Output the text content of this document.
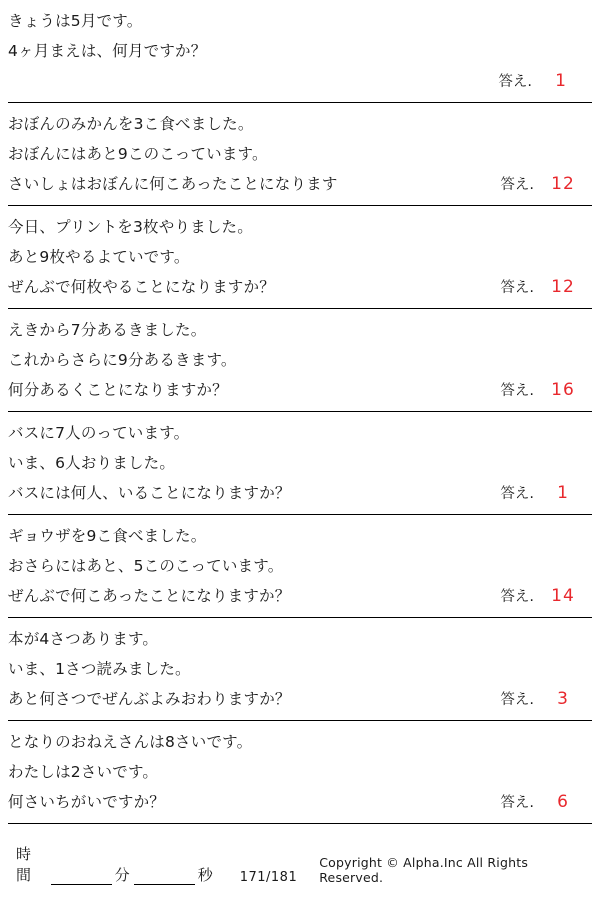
きょうは5月です。
4ヶ月まえは、何月ですか？
答え.	1
おぼんのみかんを3こ食べました。
おぼんにはあと9このこっています。
さいしょはおぼんに何こあったことになります	答え.	12
今日、プリントを3枚やりました。
あと9枚やるよていです。
ぜんぶで何枚やることになりますか？	答え.	12
えきから7分あるきました。
これからさらに9分あるきます。
何分あるくことになりますか？	答え.	16
バスに7人のっています。
いま、6人おりました。
バスには何人、いることになりますか？	答え.	1
ギョウザを9こ食べました。
おさらにはあと、5このこっています。
ぜんぶで何こあったことになりますか？	答え.	14
本が4さつあります。
いま、1さつ読みました。
あと何さつでぜんぶよみおわりますか？	答え.	3
となりのおねえさんは8さいです。
わたしは2さいです。
何さいちがいですか？	答え.	6
時間	分	秒 171/181
Copyright © Alpha.Inc All Rights Reserved.
